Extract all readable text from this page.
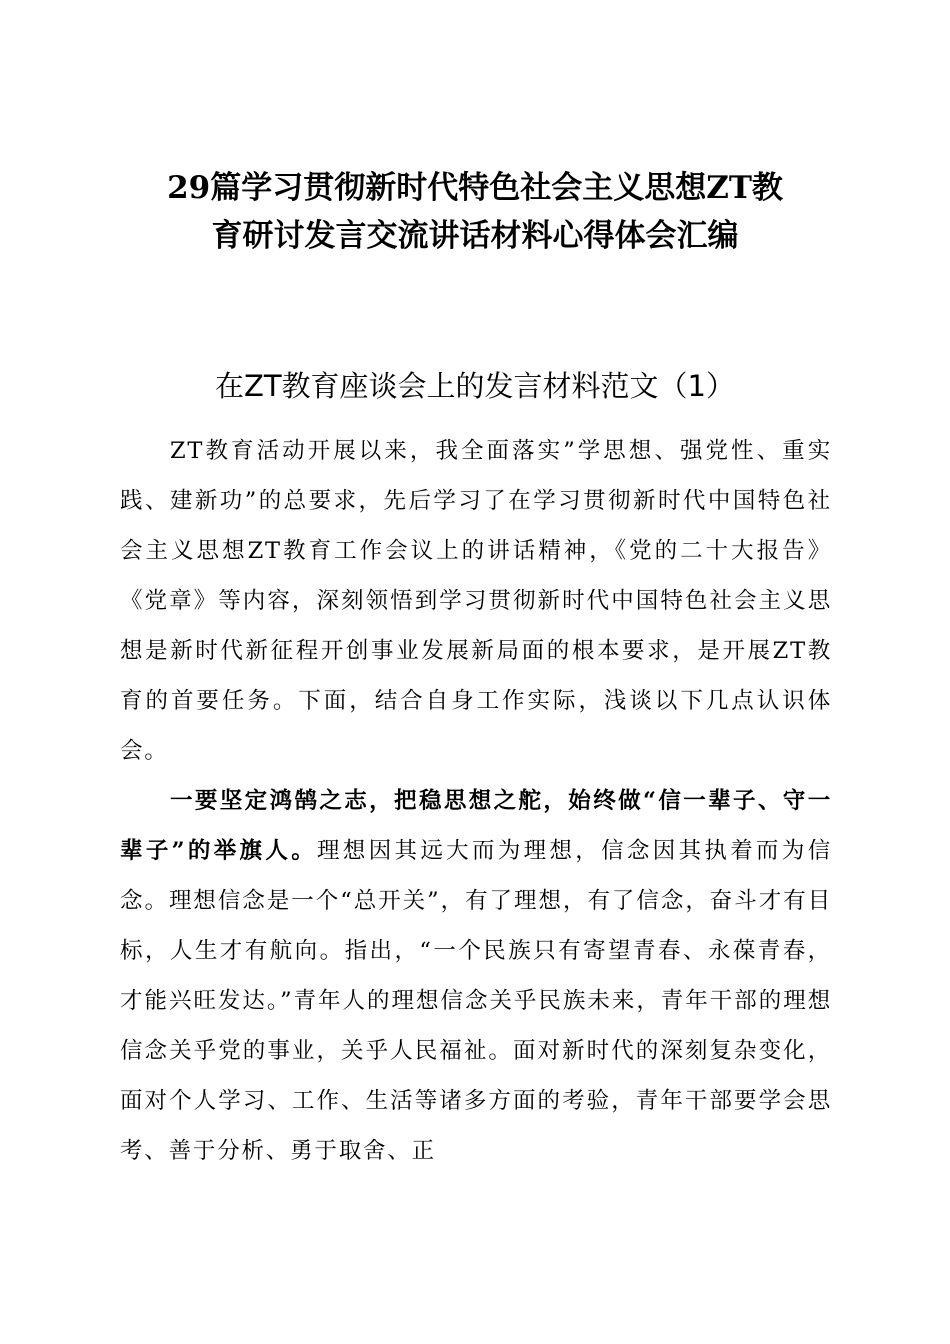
29篇学习贯彻新时代特色社会主义思想ZT教
育研讨发言交流讲话材料心得体会汇编
在ZT教育座谈会上的发言材料范文（1）

ZT教育活动开展以来，我全面落实”学思想、强党性、重实践、建新功”的总要求，先后学习了在学习贯彻新时代中国特色社会主义思想ZT教育工作会议上的讲话精神，《党的二十大报告》《党章》等内容，深刻领悟到学习贯彻新时代中国特色社会主义思想是新时代新征程开创事业发展新局面的根本要求，是开展ZT教育的首要任务。下面，结合自身工作实际，浅谈以下几点认识体会。

一要坚定鸿鹄之志，把稳思想之舵，始终做“信一辈子、守一辈子”的举旗人。理想因其远大而为理想，信念因其执着而为信念。理想信念是一个“总开关”，有了理想，有了信念，奋斗才有目标，人生才有航向。指出，“一个民族只有寄望青春、永葆青春，才能兴旺发达。”青年人的理想信念关乎民族未来，青年干部的理想信念关乎党的事业，关乎人民福祉。面对新时代的深刻复杂变化，面对个人学习、工作、生活等诸多方面的考验，青年干部要学会思考、善于分析、勇于取舍、正
